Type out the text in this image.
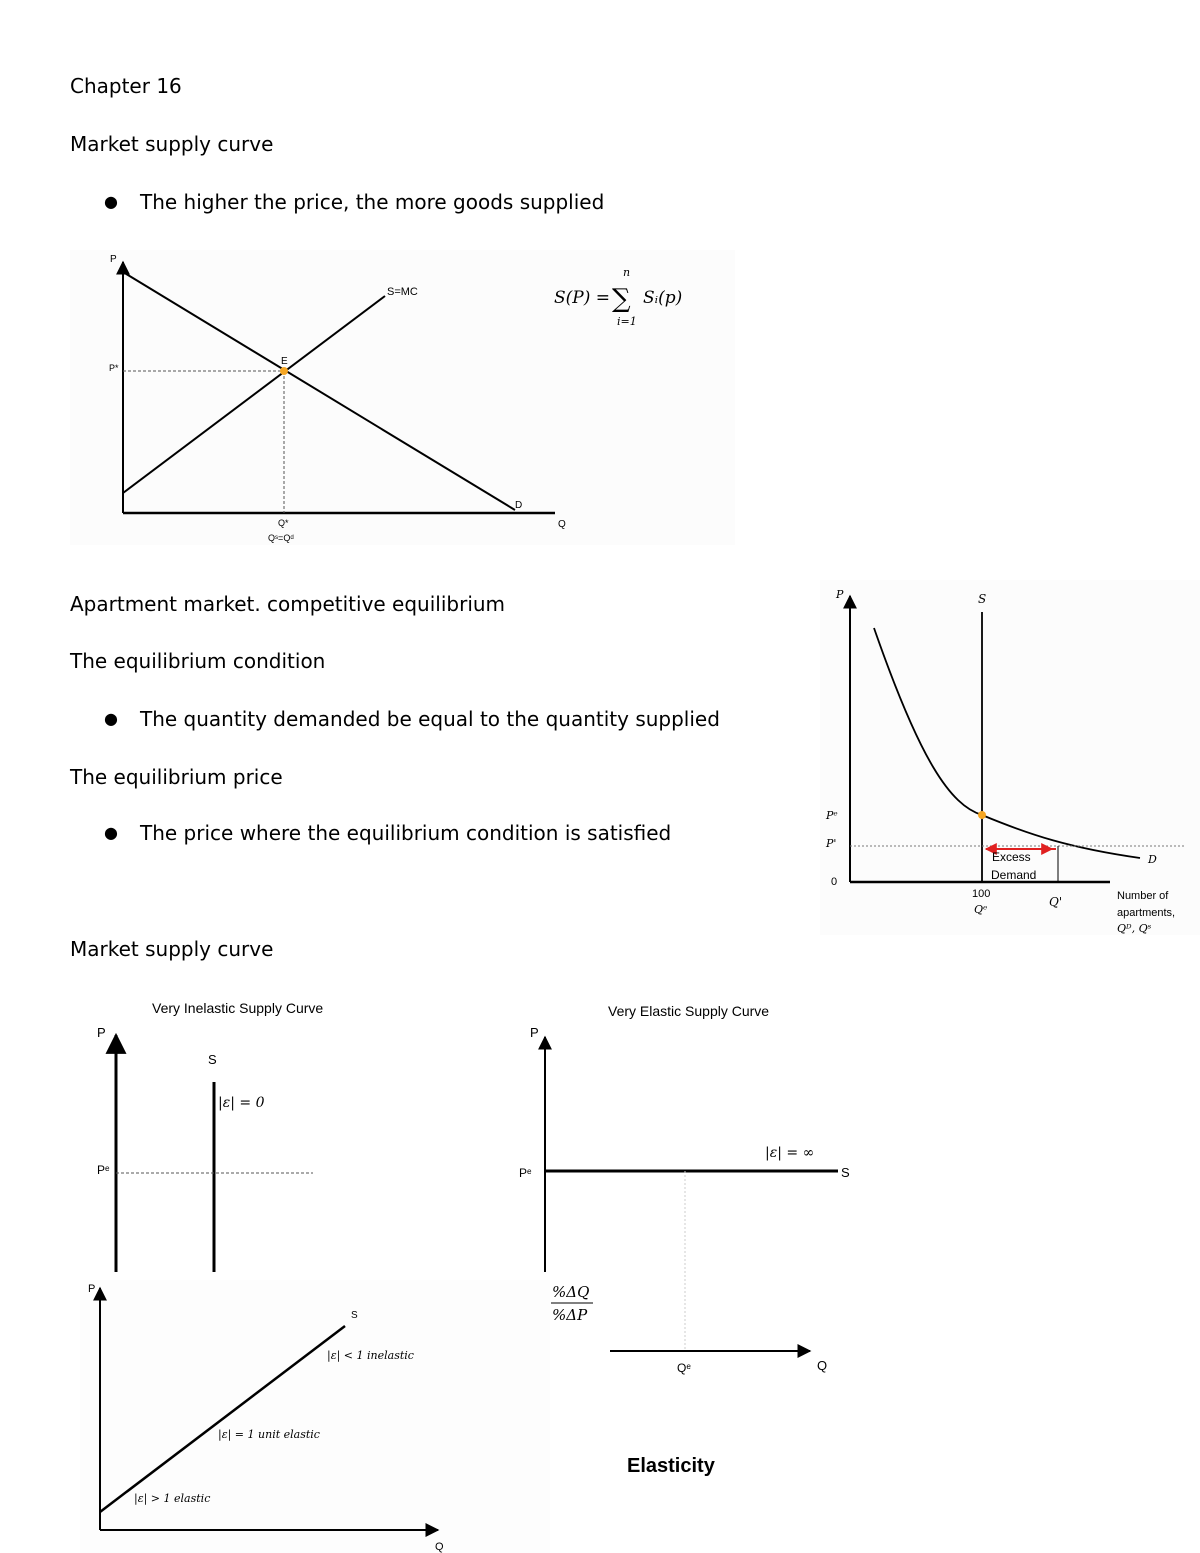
Chapter 16
Market supply curve
● The higher the price, the more goods supplied
Apartment market. competitive equilibrium
The equilibrium condition
● The quantity demanded be equal to the quantity supplied
The equilibrium price
● The price where the equilibrium condition is satisfied
Market supply curve
P
Q
P*
E
S=MC
D
Q*
Qˢ=Qᵈ
S(P) = ∑
n
i=1
Sᵢ(p)
P	S
Pᵉ
P'
0
Excess
Demand
D
100
Qᵉ
Q'	Number of
apartments,
Qᴰ, Qˢ
Very Inelastic Supply Curve
P
S
|ε| = 0
Pᵉ
Very Elastic Supply Curve
P
Pᵉ
|ε| = ∞
S
%ΔQ
%ΔP
Qᵉ	Q
P
S
Q
|ε| < 1 inelastic
|ε| = 1 unit elastic
|ε| > 1 elastic
Elasticity
